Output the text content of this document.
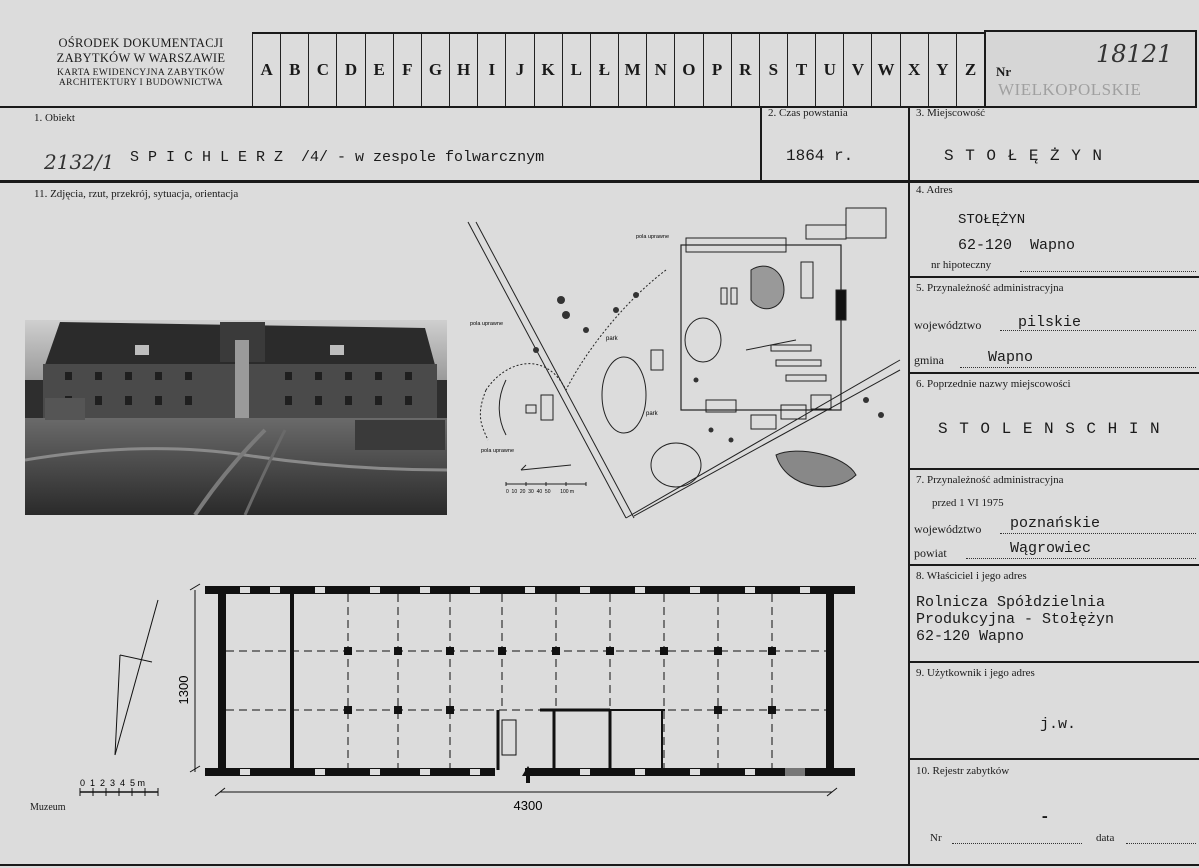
OŚRODEK DOKUMENTACJI
ZABYTKÓW W WARSZAWIE
KARTA EWIDENCYJNA ZABYTKÓW
ARCHITEKTURY I BUDOWNICTWA
A B C D E	F G H	I	J	K L Ł M N O P R	S	T U V W X Y Z	Nr
18121
WIELKOPOLSKIE
1. Obiekt
2132/1 S P I C H L E R Z  /4/ - w zespole folwarcznym
2. Czas powstania
1864 r.
3. Miejscowość
S T O Ł Ę Ż Y N
11. Zdjęcia, rzut, przekrój, sytuacja, orientacja
pola uprawne
pola uprawne
pola uprawne
park
park
0  10  20  30  40  50       100 m
1300
4300
0  1  2  3  4  5 m
Muzeum
4. Adres
STOŁĘŻYN
62-120  Wapno
nr hipoteczny
5. Przynależność administracyjna
województwo pilskie
gmina	Wapno
6. Poprzednie nazwy miejscowości
S T O L E N S C H I N
7. Przynależność administracyjna
przed 1 VI 1975
województwo poznańskie
powiat	Wągrowiec
8. Właściciel i jego adres
Rolnicza Spółdzielnia
Produkcyjna - Stołężyn
62-120 Wapno
9. Użytkownik i jego adres
j.w.
10. Rejestr zabytków
-
Nr	data
